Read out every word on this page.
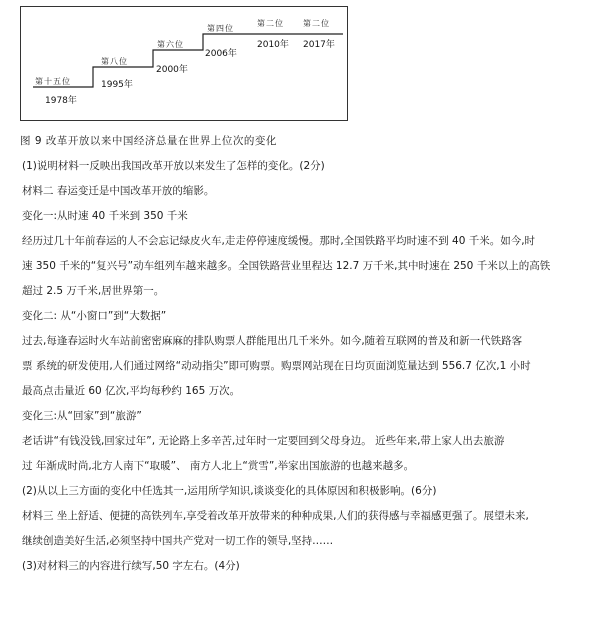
第十五位
1978年
第八位
1995年
第六位
2000年
第四位
2006年
第二位
2010年
第二位
2017年
图 9 改革开放以来中国经济总量在世界上位次的变化
(1)说明材料一反映出我国改革开放以来发生了怎样的变化。(2分)
材料二 春运变迁是中国改革开放的缩影。
变化一:从时速 40 千米到 350 千米
经历过几十年前春运的人不会忘记绿皮火车,走走停停速度缓慢。那时,全国铁路平均时速不到 40 千米。如今,时
速 350 千米的“复兴号”动车组列车越来越多。全国铁路营业里程达 12.7 万千米,其中时速在 250 千米以上的高铁
超过 2.5 万千米,居世界第一。
变化二: 从“小窗口”到“大数据”
过去,每逢春运时火车站前密密麻麻的排队购票人群能甩出几千米外。如今,随着互联网的普及和新一代铁路客
票 系统的研发使用,人们通过网络“动动指尖”即可购票。购票网站现在日均页面浏览量达到 556.7 亿次,1 小时
最高点击量近 60 亿次,平均每秒约 165 万次。
变化三:从“回家”到“旅游”
老话讲“有钱没钱,回家过年”, 无论路上多辛苦,过年时一定要回到父母身边。 近些年来,带上家人出去旅游
过 年渐成时尚,北方人南下“取暖”、 南方人北上“赏雪”,举家出国旅游的也越来越多。
(2)从以上三方面的变化中任选其一,运用所学知识,谈谈变化的具体原因和积极影响。(6分)
材料三 坐上舒适、便捷的高铁列车,享受着改革开放带来的种种成果,人们的获得感与幸福感更强了。展望未来,
继续创造美好生活,必须坚持中国共产党对一切工作的领导,坚持……
(3)对材料三的内容进行续写,50 字左右。(4分)
